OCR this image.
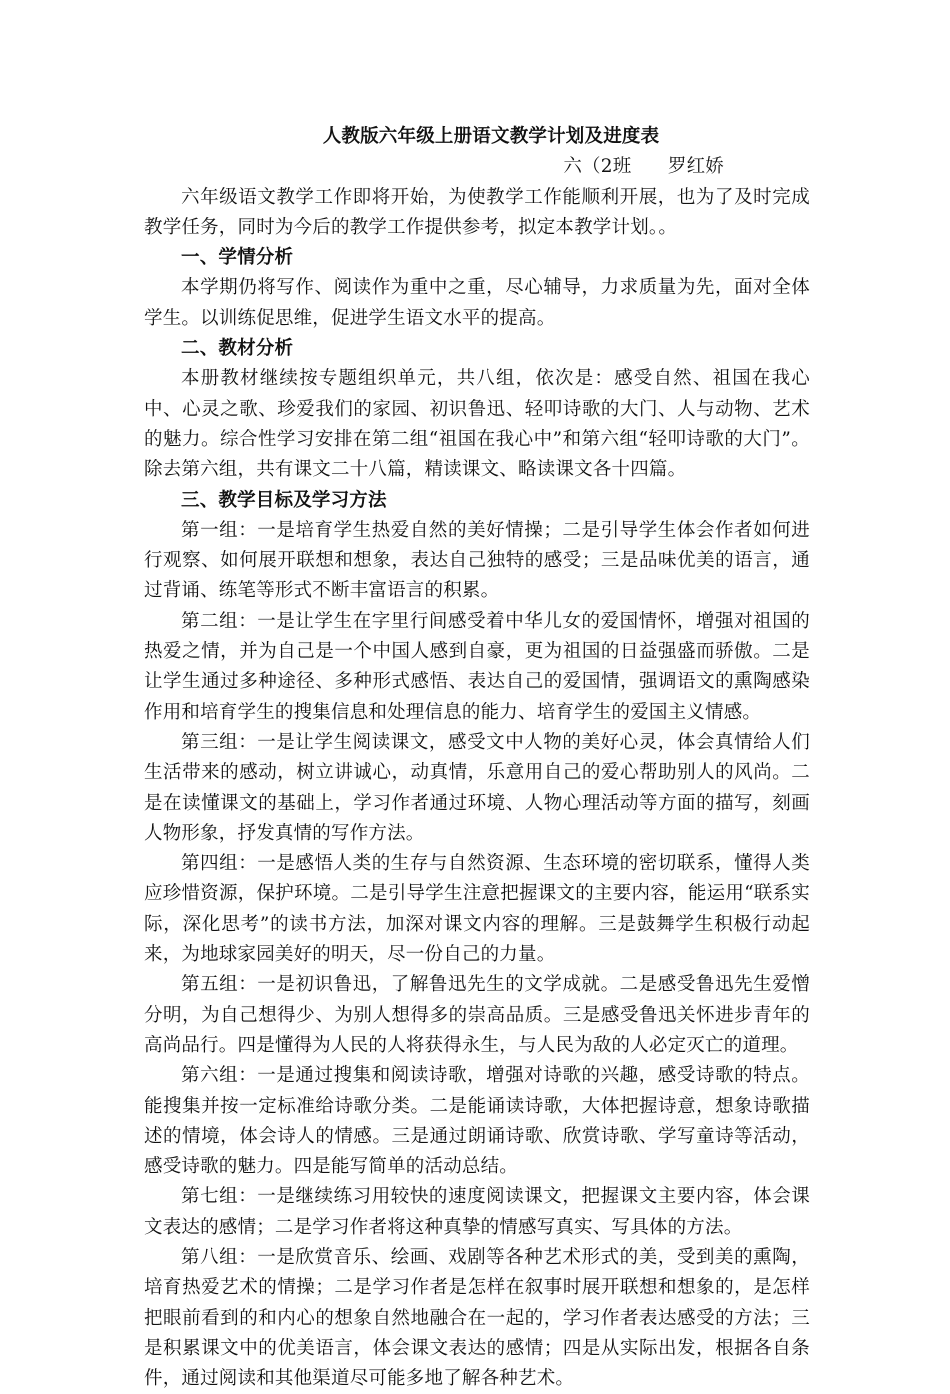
人教版六年级上册语文教学计划及进度表
六（2班      罗红娇

六年级语文教学工作即将开始，为使教学工作能顺利开展，也为了及时完成教学任务，同时为今后的教学工作提供参考，拟定本教学计划。。

一、学情分析

本学期仍将写作、阅读作为重中之重，尽心辅导，力求质量为先，面对全体学生。以训练促思维，促进学生语文水平的提高。

二、教材分析

本册教材继续按专题组织单元，共八组，依次是：感受自然、祖国在我心中、心灵之歌、珍爱我们的家园、初识鲁迅、轻叩诗歌的大门、人与动物、艺术的魅力。综合性学习安排在第二组“祖国在我心中”和第六组“轻叩诗歌的大门”。除去第六组，共有课文二十八篇，精读课文、略读课文各十四篇。

三、教学目标及学习方法

第一组：一是培育学生热爱自然的美好情操；二是引导学生体会作者如何进行观察、如何展开联想和想象，表达自己独特的感受；三是品味优美的语言，通过背诵、练笔等形式不断丰富语言的积累。

第二组：一是让学生在字里行间感受着中华儿女的爱国情怀，增强对祖国的热爱之情，并为自己是一个中国人感到自豪，更为祖国的日益强盛而骄傲。二是让学生通过多种途径、多种形式感悟、表达自己的爱国情，强调语文的熏陶感染作用和培育学生的搜集信息和处理信息的能力、培育学生的爱国主义情感。

第三组：一是让学生阅读课文，感受文中人物的美好心灵，体会真情给人们生活带来的感动，树立讲诚心，动真情，乐意用自己的爱心帮助别人的风尚。二是在读懂课文的基础上，学习作者通过环境、人物心理活动等方面的描写，刻画人物形象，抒发真情的写作方法。

第四组：一是感悟人类的生存与自然资源、生态环境的密切联系，懂得人类应珍惜资源，保护环境。二是引导学生注意把握课文的主要内容，能运用“联系实际，深化思考”的读书方法，加深对课文内容的理解。三是鼓舞学生积极行动起来，为地球家园美好的明天，尽一份自己的力量。

第五组：一是初识鲁迅，了解鲁迅先生的文学成就。二是感受鲁迅先生爱憎分明，为自己想得少、为别人想得多的崇高品质。三是感受鲁迅关怀进步青年的高尚品行。四是懂得为人民的人将获得永生，与人民为敌的人必定灭亡的道理。

第六组：一是通过搜集和阅读诗歌，增强对诗歌的兴趣，感受诗歌的特点。能搜集并按一定标准给诗歌分类。二是能诵读诗歌，大体把握诗意，想象诗歌描述的情境，体会诗人的情感。三是通过朗诵诗歌、欣赏诗歌、学写童诗等活动，感受诗歌的魅力。四是能写简单的活动总结。

第七组：一是继续练习用较快的速度阅读课文，把握课文主要内容，体会课文表达的感情；二是学习作者将这种真挚的情感写真实、写具体的方法。

第八组：一是欣赏音乐、绘画、戏剧等各种艺术形式的美，受到美的熏陶，培育热爱艺术的情操；二是学习作者是怎样在叙事时展开联想和想象的，是怎样把眼前看到的和内心的想象自然地融合在一起的，学习作者表达感受的方法；三是积累课文中的优美语言，体会课文表达的感情；四是从实际出发，根据各自条件，通过阅读和其他渠道尽可能多地了解各种艺术。
